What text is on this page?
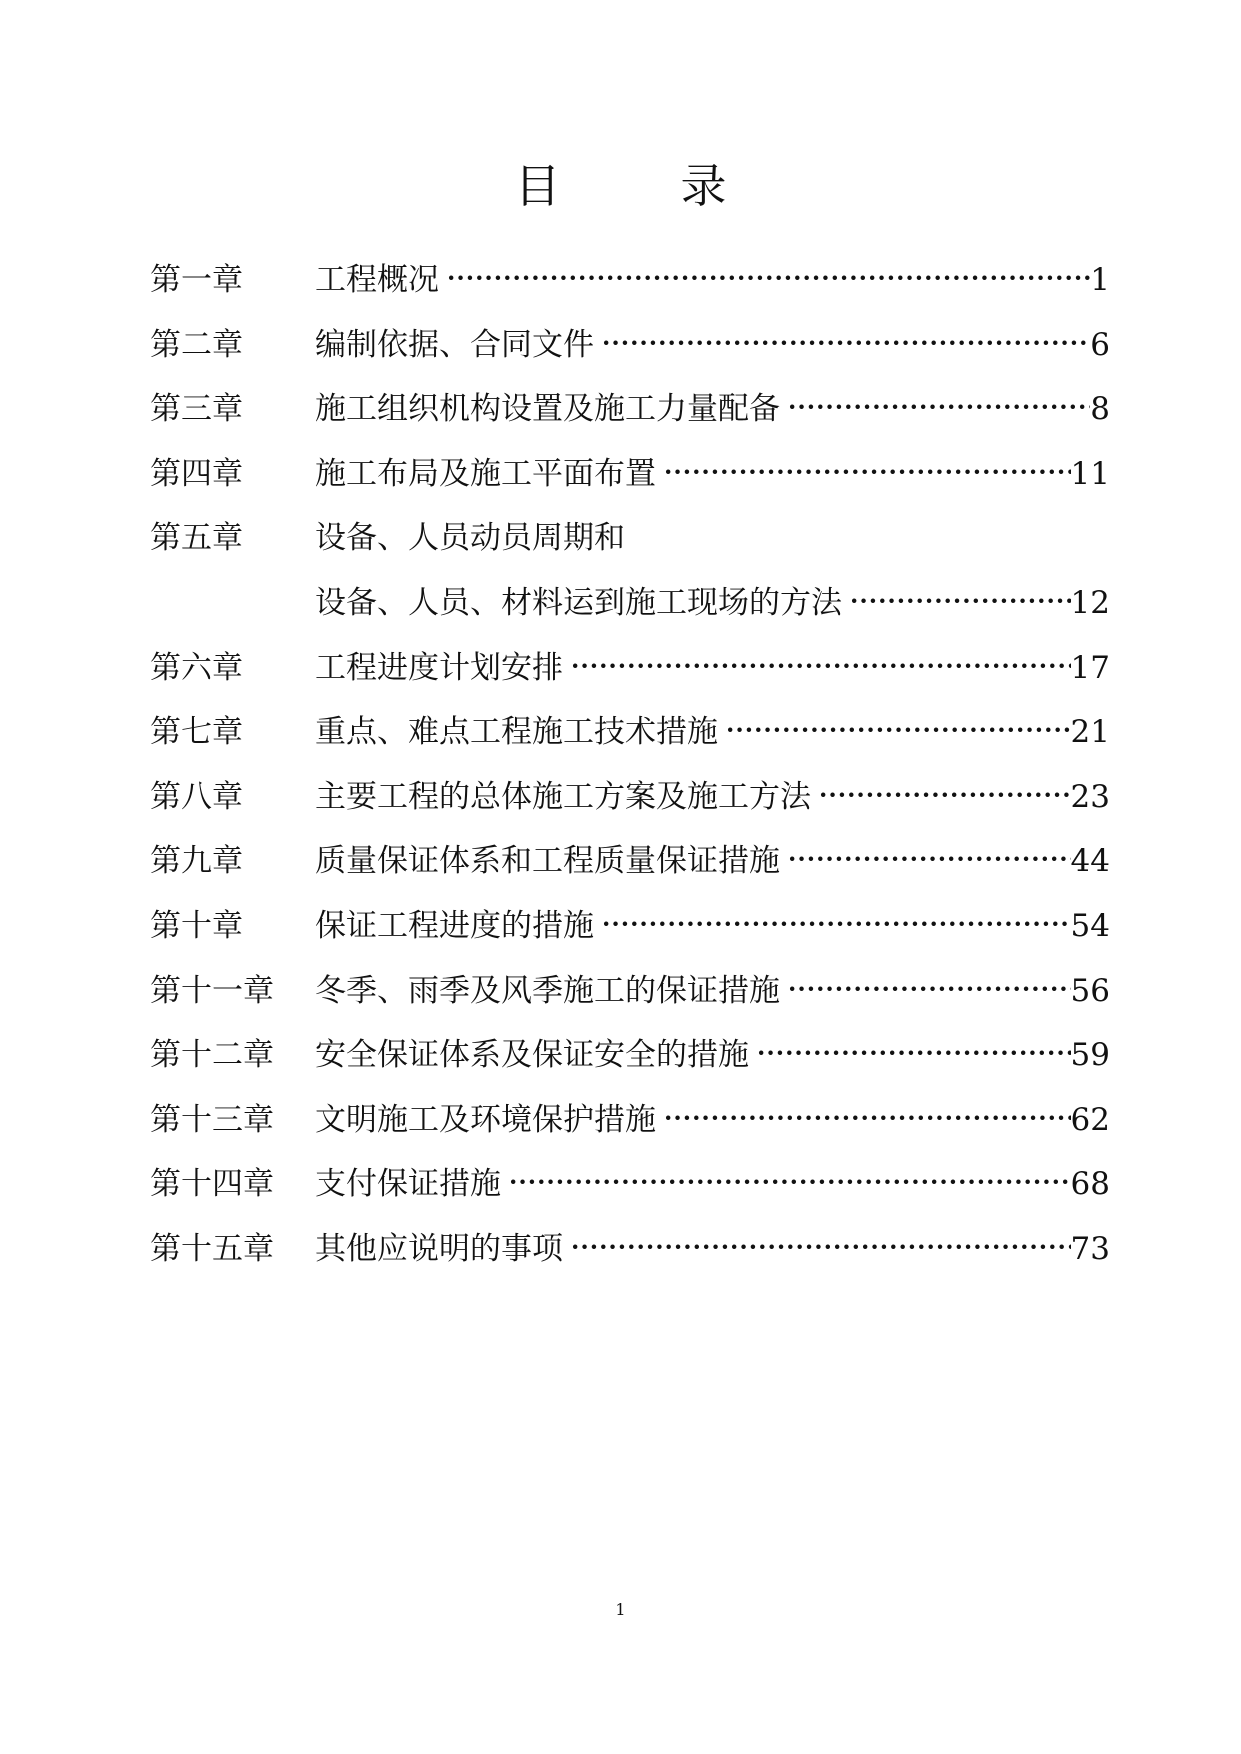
目	录
第一章	工程概况 ·····	1
第二章	编制依据、合同文件 ·····	6
第三章	施工组织机构设置及施工力量配备 ·····	8
第四章	施工布局及施工平面布置 ·····	11
第五章	设备、人员动员周期和
设备、人员、材料运到施工现场的方法 ·····	12
第六章	工程进度计划安排 ·····	17
第七章	重点、难点工程施工技术措施 ·····	21
第八章	主要工程的总体施工方案及施工方法 ·····	23
第九章	质量保证体系和工程质量保证措施 ·····	44
第十章	保证工程进度的措施 ·····	54
第十一章	冬季、雨季及风季施工的保证措施 ·····	56
第十二章	安全保证体系及保证安全的措施 ·····	59
第十三章	文明施工及环境保护措施 ·····	62
第十四章	支付保证措施 ·····	68
第十五章	其他应说明的事项 ·····	73
1
